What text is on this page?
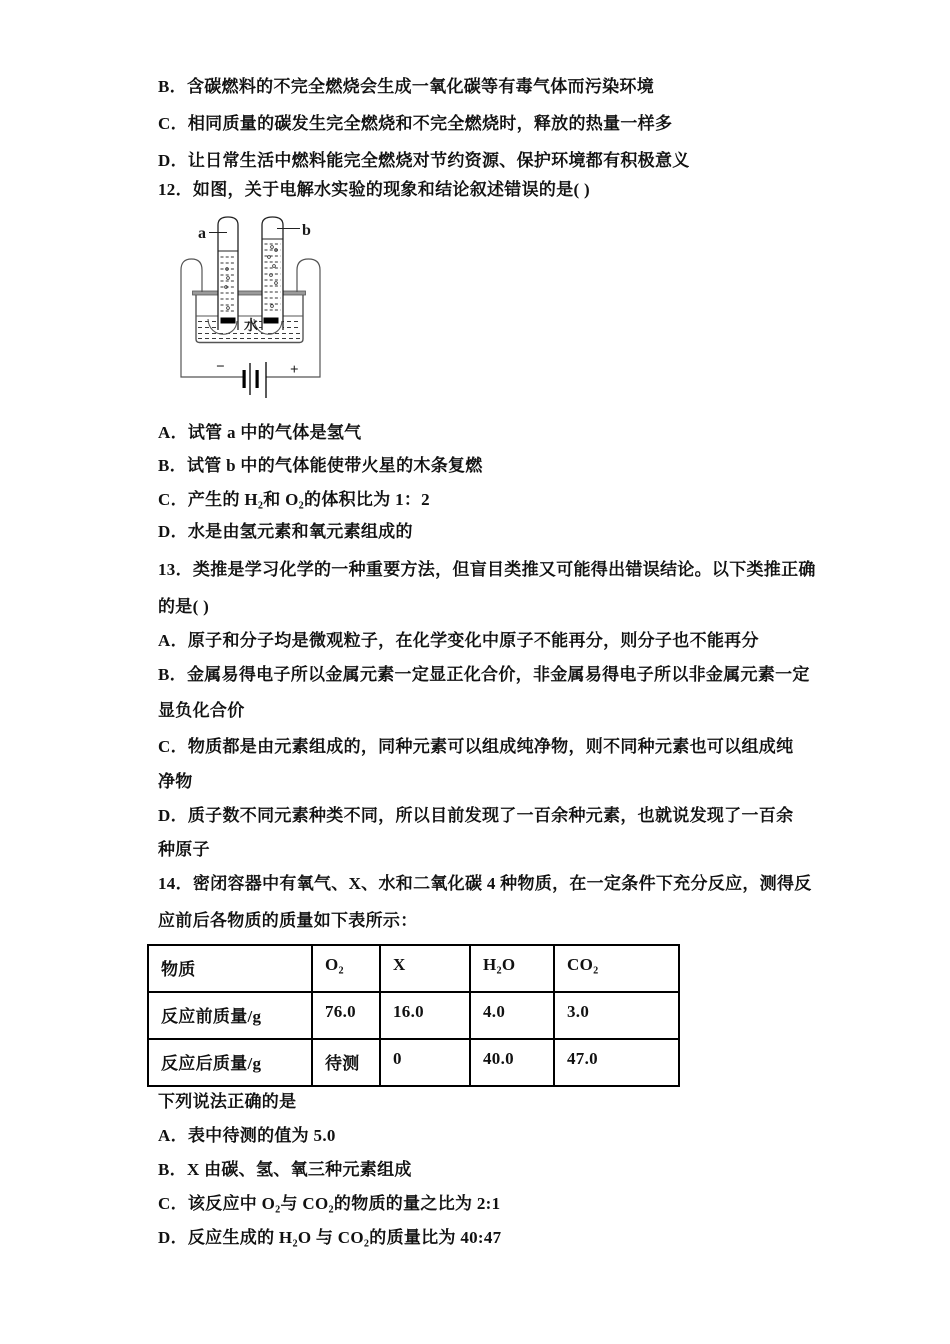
B．含碳燃料的不完全燃烧会生成一氧化碳等有毒气体而污染环境
C．相同质量的碳发生完全燃烧和不完全燃烧时，释放的热量一样多
D．让日常生活中燃料能完全燃烧对节约资源、保护环境都有积极意义
12．如图，关于电解水实验的现象和结论叙述错误的是( )
水
a	b
−	+
A．试管 a 中的气体是氢气
B．试管 b 中的气体能使带火星的木条复燃
C．产生的 H₂和 O₂的体积比为 1：2
D．水是由氢元素和氧元素组成的
13．类推是学习化学的一种重要方法，但盲目类推又可能得出错误结论。以下类推正确
的是( )
A．原子和分子均是微观粒子，在化学变化中原子不能再分，则分子也不能再分
B．金属易得电子所以金属元素一定显正化合价，非金属易得电子所以非金属元素一定
显负化合价
C．物质都是由元素组成的，同种元素可以组成纯净物，则不同种元素也可以组成纯
净物
D．质子数不同元素种类不同，所以目前发现了一百余种元素，也就说发现了一百余
种原子
14．密闭容器中有氧气、X、水和二氧化碳 4 种物质，在一定条件下充分反应，测得反
应前后各物质的质量如下表所示：
物质	O₂	X	H₂O	CO₂
反应前质量/g	76.0	16.0	4.0	3.0
反应后质量/g	待测	0	40.0	47.0
下列说法正确的是
A．表中待测的值为 5.0
B．X 由碳、氢、氧三种元素组成
C．该反应中 O₂与 CO₂的物质的量之比为 2:1
D．反应生成的 H₂O 与 CO₂的质量比为 40:47
